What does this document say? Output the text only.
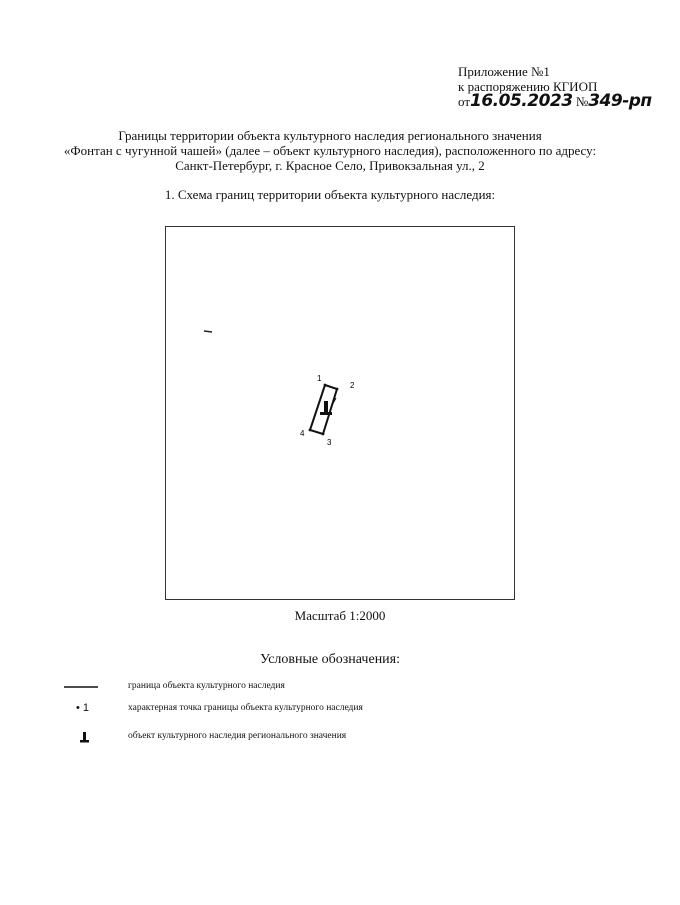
Приложение №1
к распоряжению КГИОП
от16.05.2023 №349-рп
Границы территории объекта культурного наследия регионального значения
«Фонтан с чугунной чашей» (далее – объект культурного наследия), расположенного по адресу:
Санкт-Петербург, г. Красное Село, Привокзальная ул., 2
1. Схема границ территории объекта культурного наследия:
1
2
3
4
Масштаб 1:2000
Условные обозначения:
граница объекта культурного наследия
• 1	характерная точка границы объекта культурного наследия
объект культурного наследия регионального значения
